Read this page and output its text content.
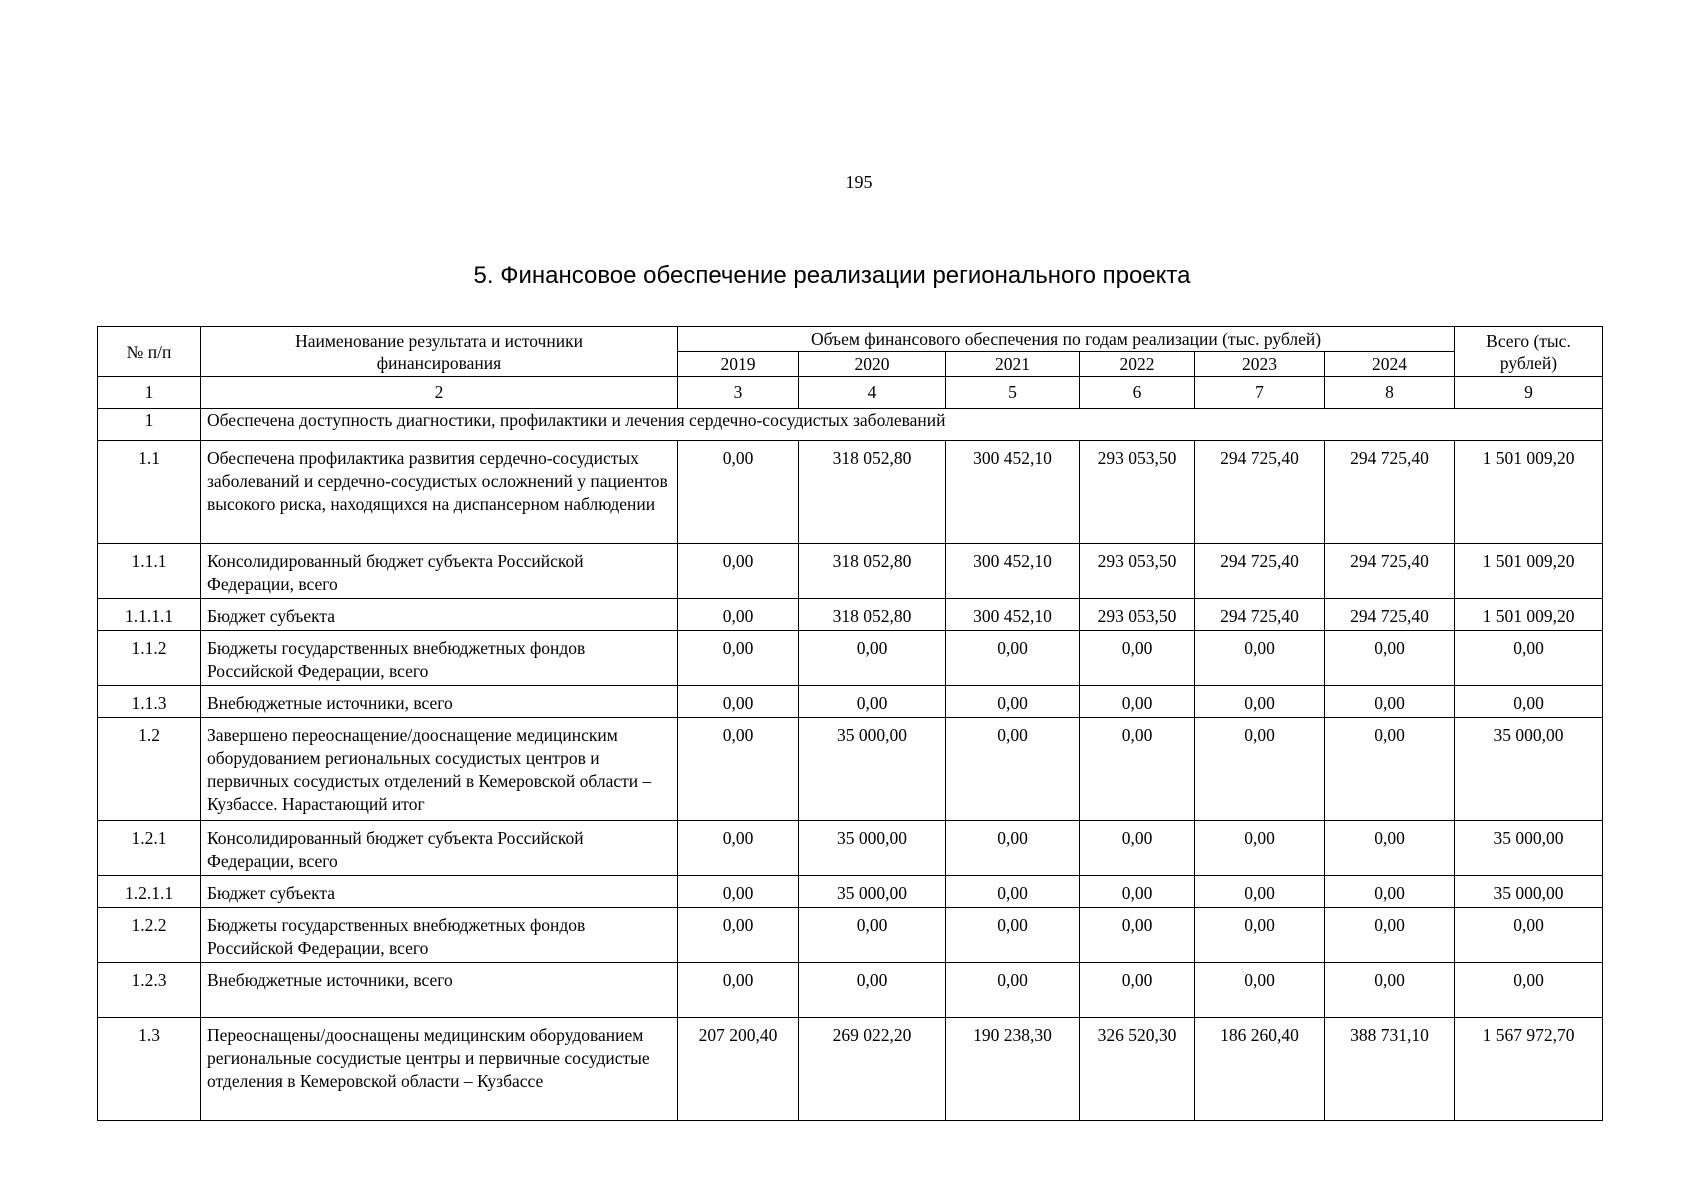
195
5. Финансовое обеспечение реализации регионального проекта
№ п/п	Наименование результата и источники финансирования	Объем финансового обеспечения по годам реализации (тыс. рублей)						Всего (тыс. рублей)
		2019	2020	2021	2022	2023	2024	
1	2	3	4	5	6	7	8	9
1	Обеспечена доступность диагностики, профилактики и лечения сердечно-сосудистых заболеваний							
1.1	Обеспечена профилактика развития сердечно-сосудистых заболеваний и сердечно-сосудистых осложнений у пациентов высокого риска, находящихся на диспансерном наблюдении	0,00	318 052,80	300 452,10	293 053,50	294 725,40	294 725,40	1 501 009,20
1.1.1	Консолидированный бюджет субъекта Российской Федерации, всего	0,00	318 052,80	300 452,10	293 053,50	294 725,40	294 725,40	1 501 009,20
1.1.1.1	Бюджет субъекта	0,00	318 052,80	300 452,10	293 053,50	294 725,40	294 725,40	1 501 009,20
1.1.2	Бюджеты государственных внебюджетных фондов Российской Федерации, всего	0,00	0,00	0,00	0,00	0,00	0,00	0,00
1.1.3	Внебюджетные источники, всего	0,00	0,00	0,00	0,00	0,00	0,00	0,00
1.2	Завершено переоснащение/дооснащение медицинским оборудованием региональных сосудистых центров и первичных сосудистых отделений в Кемеровской области – Кузбассе. Нарастающий итог	0,00	35 000,00	0,00	0,00	0,00	0,00	35 000,00
1.2.1	Консолидированный бюджет субъекта Российской Федерации, всего	0,00	35 000,00	0,00	0,00	0,00	0,00	35 000,00
1.2.1.1	Бюджет субъекта	0,00	35 000,00	0,00	0,00	0,00	0,00	35 000,00
1.2.2	Бюджеты государственных внебюджетных фондов Российской Федерации, всего	0,00	0,00	0,00	0,00	0,00	0,00	0,00
1.2.3	Внебюджетные источники, всего	0,00	0,00	0,00	0,00	0,00	0,00	0,00
1.3	Переоснащены/дооснащены медицинским оборудованием региональные сосудистые центры и первичные сосудистые отделения в Кемеровской области – Кузбассе	207 200,40	269 022,20	190 238,30	326 520,30	186 260,40	388 731,10	1 567 972,70
